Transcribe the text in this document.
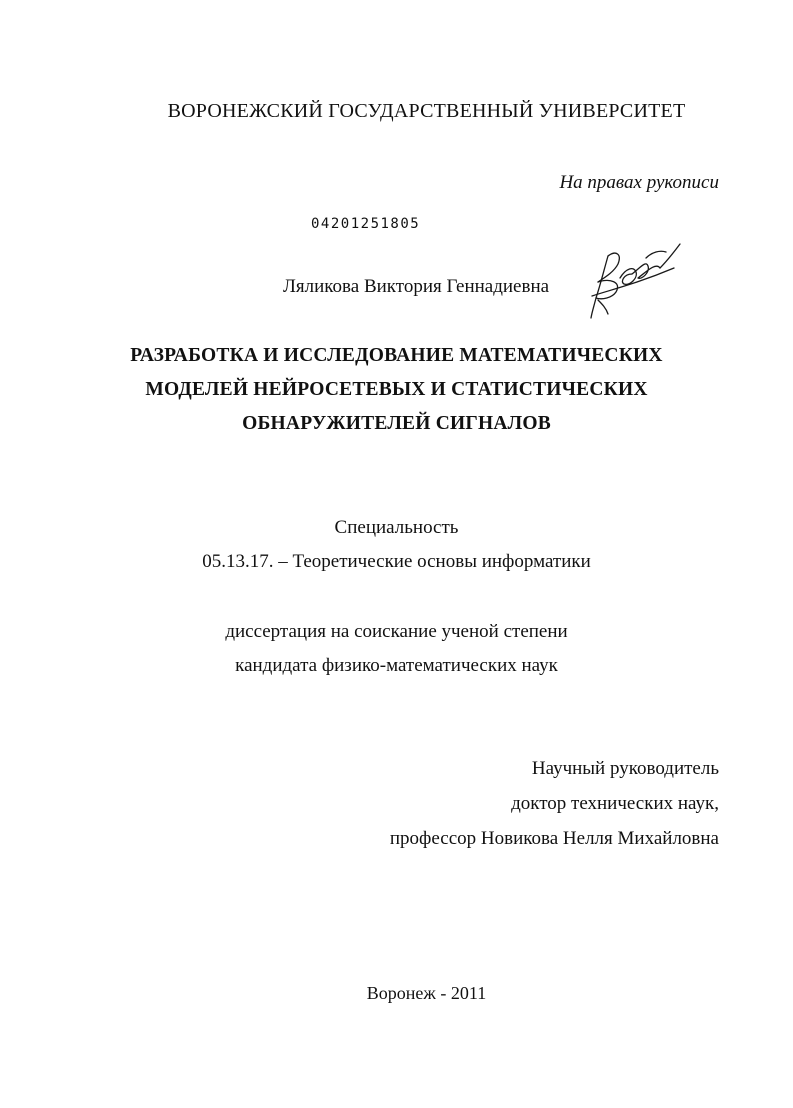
ВОРОНЕЖСКИЙ ГОСУДАРСТВЕННЫЙ УНИВЕРСИТЕТ
На правах рукописи
04201251805
Ляликова Виктория Геннадиевна
РАЗРАБОТКА И ИССЛЕДОВАНИЕ МАТЕМАТИЧЕСКИХ
МОДЕЛЕЙ НЕЙРОСЕТЕВЫХ И СТАТИСТИЧЕСКИХ
ОБНАРУЖИТЕЛЕЙ СИГНАЛОВ
Специальность
05.13.17. – Теоретические основы информатики
диссертация на соискание ученой степени
кандидата физико-математических наук
Научный руководитель
доктор технических наук,
профессор Новикова Нелля Михайловна
Воронеж - 2011
